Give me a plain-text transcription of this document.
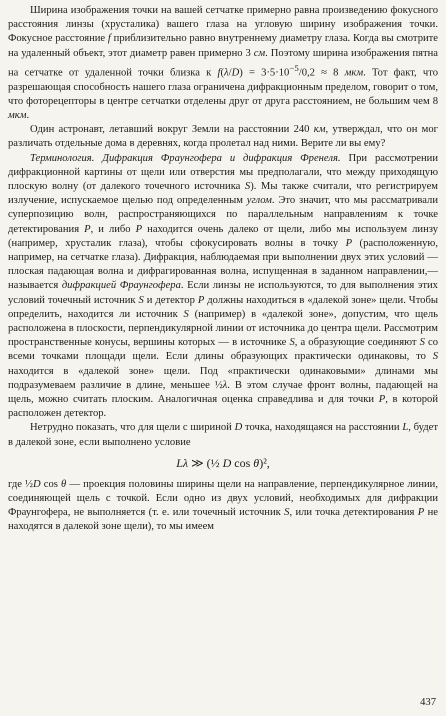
Ширина изображения точки на вашей сетчатке примерно равна произведению фокусного расстояния линзы (хрусталика) вашего глаза на угловую ширину изображения точки. Фокусное расстояние f приблизительно равно внутреннему диаметру глаза. Когда вы смотрите на удаленный объект, этот диаметр равен примерно 3 см. Поэтому ширина изображения пятна на сетчатке от удаленной точки близка к $f(\lambda/D) = 3\cdot 5\cdot 10^{-5}/0,2 \approx 8$ мкм. Тот факт, что разрешающая способность нашего глаза ограничена дифракционным пределом, говорит о том, что фоторецепторы в центре сетчатки отделены друг от друга расстоянием, не большим чем 8 мкм.

Один астронавт, летавший вокруг Земли на расстоянии 240 км, утверждал, что он мог различать отдельные дома в деревнях, когда пролетал над ними. Верите ли вы ему?

Терминология. Дифракция Фраунгофера и дифракция Френеля. При рассмотрении дифракционной картины от щели или отверстия мы предполагали, что между приходящую плоскую волну (от далекого точечного источника S). Мы также считали, что регистрируем излучение, испускаемое щелью под определенным углом. Это значит, что мы рассматривали суперпозицию волн, распространяющихся по параллельным направлениям к точке детектирования P, и либо P находится очень далеко от щели, либо мы используем линзу (например, хрусталик глаза), чтобы сфокусировать волны в точку P (расположенную, например, на сетчатке глаза). Дифракция, наблюдаемая при выполнении двух этих условий — плоская падающая волна и дифрагированная волна, испущенная в заданном направлении,— называется дифракцией Фраунгофера. Если линзы не используются, то для выполнения этих условий точечный источник S и детектор P должны находиться в «далекой зоне» щели. Чтобы определить, находится ли источник S (например) в «далекой зоне», допустим, что щель расположена в плоскости, перпендикулярной линии от источника до центра щели. Рассмотрим пространственные конусы, вершины которых — в источнике S, а образующие соединяют S со всеми точками площади щели. Если длины образующих практически одинаковы, то S находится в «далекой зоне» щели. Под «практически одинаковыми» длинами мы подразумеваем различие в длине, меньшее ½λ. В этом случае фронт волны, падающей на щель, можно считать плоским. Аналогичная оценка справедлива и для точки P, в которой расположен детектор.

Нетрудно показать, что для щели с шириной D точка, находящаяся на расстоянии L, будет в далекой зоне, если выполнено условие

Lλ ≫ (½ D cos θ)²,

где ½D cos θ — проекция половины ширины щели на направление, перпендикулярное линии, соединяющей щель с точкой. Если одно из двух условий, необходимых для дифракции Фраунгофера, не выполняется (т. е. или точечный источник S, или точка детектирования P не находятся в далекой зоне щели), то мы имеем

437
